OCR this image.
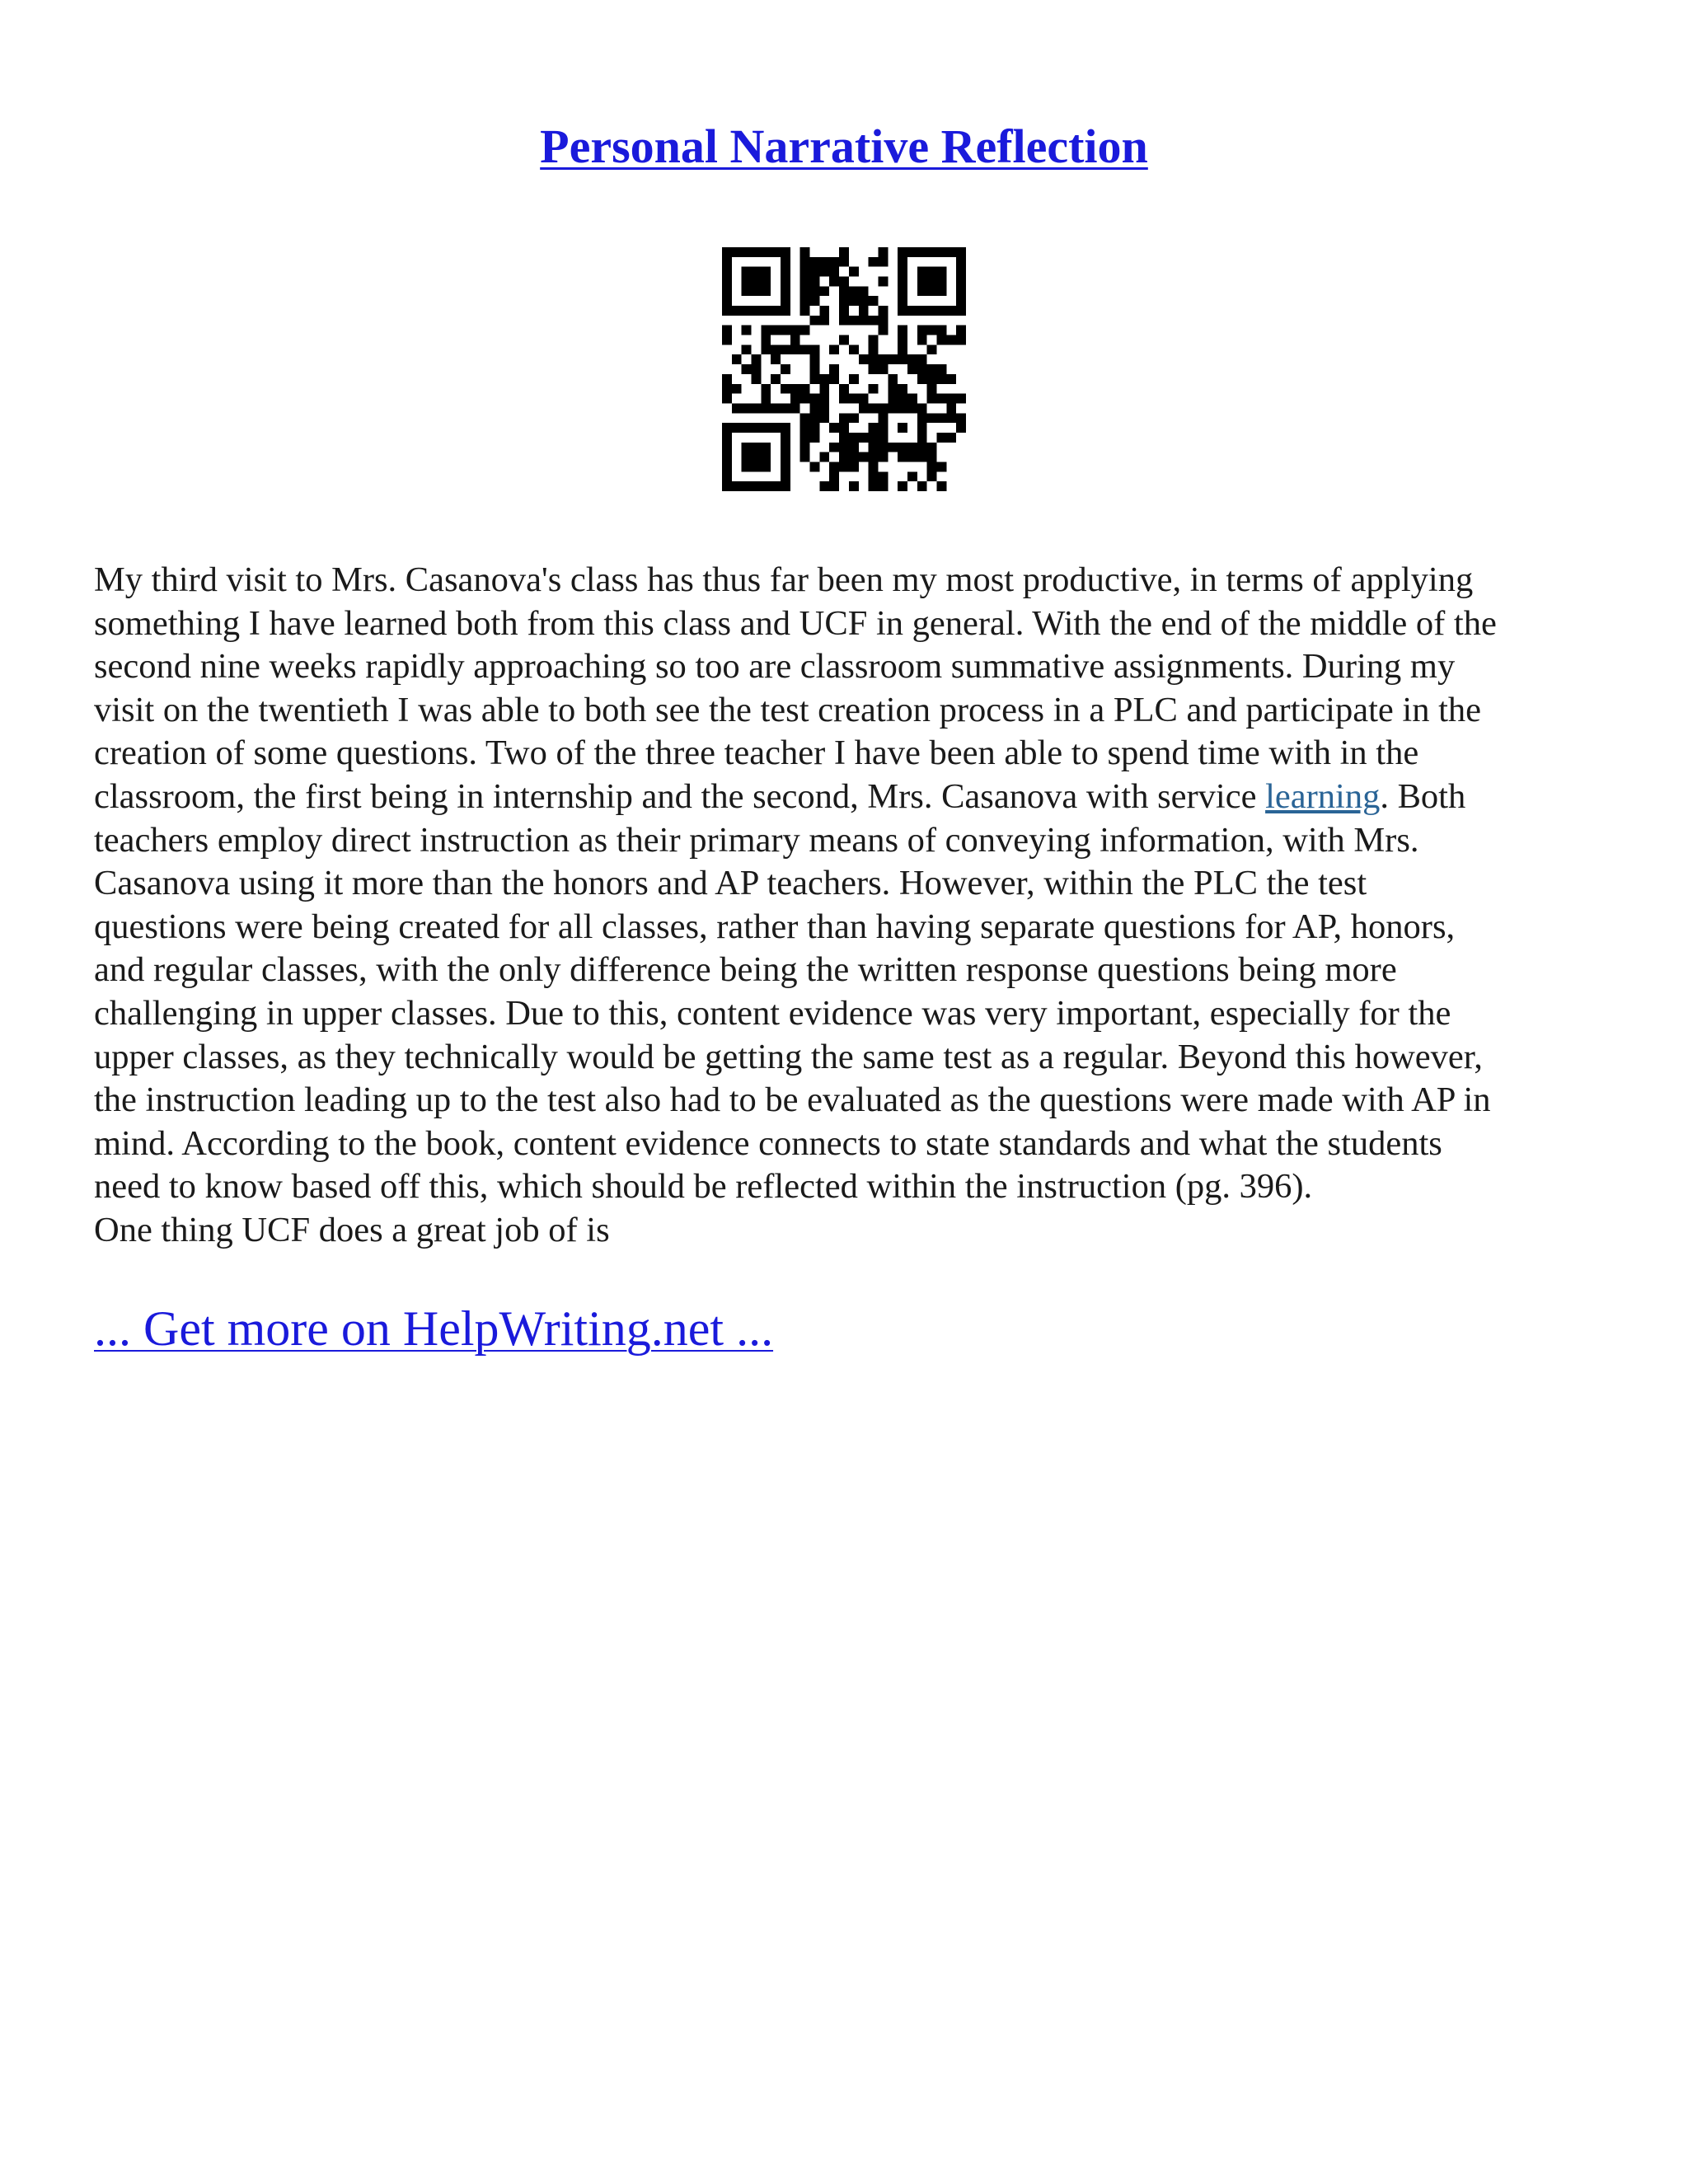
Personal Narrative Reflection

My third visit to Mrs. Casanova's class has thus far been my most productive, in terms of applying
something I have learned both from this class and UCF in general. With the end of the middle of the
second nine weeks rapidly approaching so too are classroom summative assignments. During my
visit on the twentieth I was able to both see the test creation process in a PLC and participate in the
creation of some questions. Two of the three teacher I have been able to spend time with in the
classroom, the first being in internship and the second, Mrs. Casanova with service learning. Both
teachers employ direct instruction as their primary means of conveying information, with Mrs.
Casanova using it more than the honors and AP teachers. However, within the PLC the test
questions were being created for all classes, rather than having separate questions for AP, honors,
and regular classes, with the only difference being the written response questions being more
challenging in upper classes. Due to this, content evidence was very important, especially for the
upper classes, as they technically would be getting the same test as a regular. Beyond this however,
the instruction leading up to the test also had to be evaluated as the questions were made with AP in
mind. According to the book, content evidence connects to state standards and what the students
need to know based off this, which should be reflected within the instruction (pg. 396).
One thing UCF does a great job of is

... Get more on HelpWriting.net ...
